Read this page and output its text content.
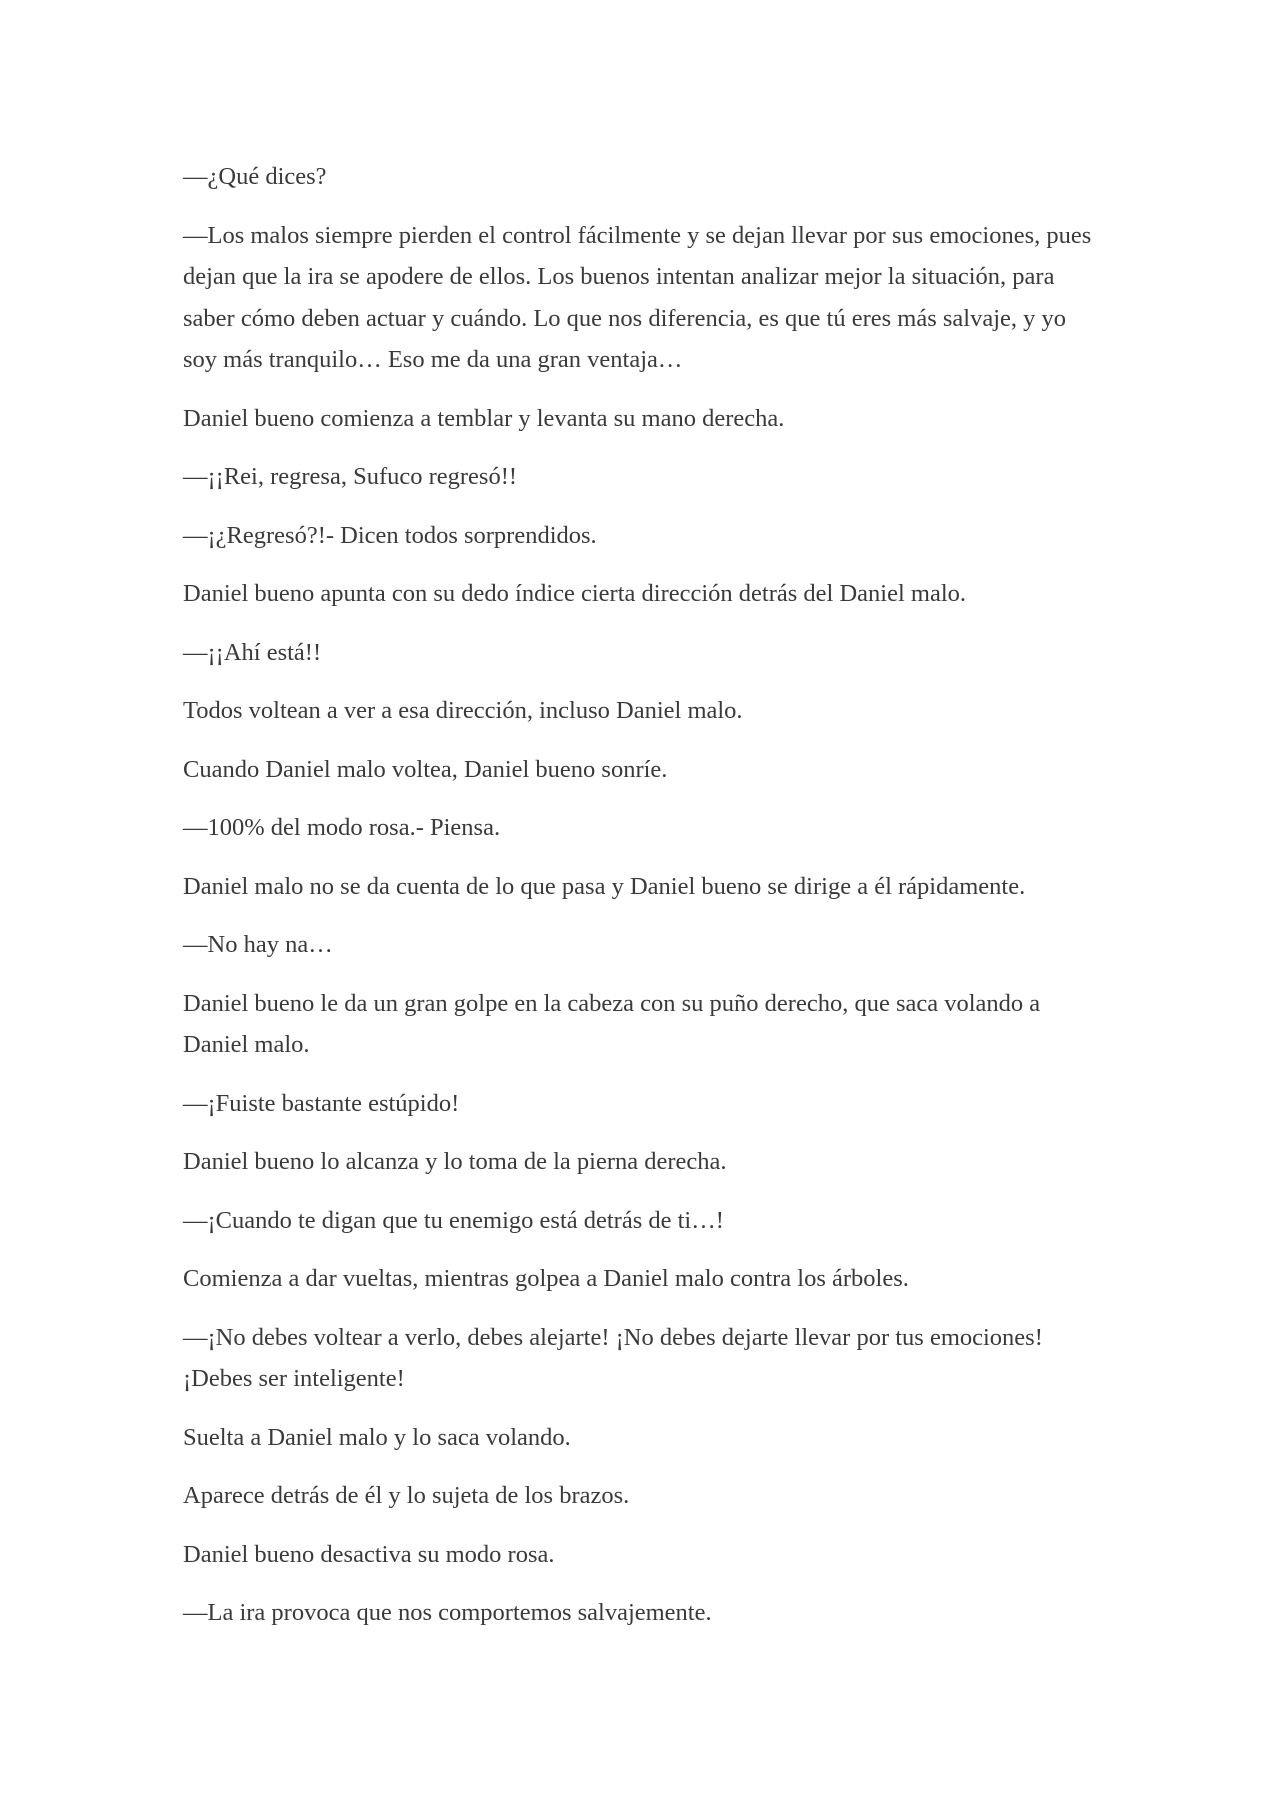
—¿Qué dices?

—Los malos siempre pierden el control fácilmente y se dejan llevar por sus emociones, pues dejan que la ira se apodere de ellos. Los buenos intentan analizar mejor la situación, para saber cómo deben actuar y cuándo. Lo que nos diferencia, es que tú eres más salvaje, y yo soy más tranquilo… Eso me da una gran ventaja…

Daniel bueno comienza a temblar y levanta su mano derecha.

—¡¡Rei, regresa, Sufuco regresó!!

—¡¿Regresó?!- Dicen todos sorprendidos.

Daniel bueno apunta con su dedo índice cierta dirección detrás del Daniel malo.

—¡¡Ahí está!!

Todos voltean a ver a esa dirección, incluso Daniel malo.

Cuando Daniel malo voltea, Daniel bueno sonríe.

—100% del modo rosa.- Piensa.

Daniel malo no se da cuenta de lo que pasa y Daniel bueno se dirige a él rápidamente.

—No hay na…

Daniel bueno le da un gran golpe en la cabeza con su puño derecho, que saca volando a Daniel malo.

—¡Fuiste bastante estúpido!

Daniel bueno lo alcanza y lo toma de la pierna derecha.

—¡Cuando te digan que tu enemigo está detrás de ti…!

Comienza a dar vueltas, mientras golpea a Daniel malo contra los árboles.

—¡No debes voltear a verlo, debes alejarte! ¡No debes dejarte llevar por tus emociones! ¡Debes ser inteligente!

Suelta a Daniel malo y lo saca volando.

Aparece detrás de él y lo sujeta de los brazos.

Daniel bueno desactiva su modo rosa.

—La ira provoca que nos comportemos salvajemente.
